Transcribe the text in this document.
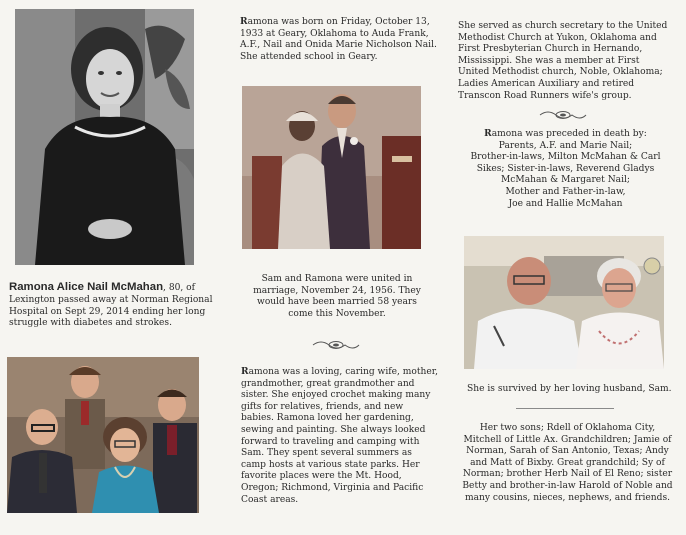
Ramona Alice Nail McMahan, 80, of Lexington passed away at Norman Regional Hospital on Sept 29, 2014 ending her long struggle with diabetes and strokes.

Ramona was born on Friday, October 13, 1933 at Geary, Oklahoma to Auda Frank, A.F., Nail and Onida Marie Nicholson Nail. She attended school in Geary.

Sam and Ramona were united in marriage, November 24, 1956. They would have been married 58 years come this November.

Ramona was a loving, caring wife, mother, grandmother, great grandmother and sister. She enjoyed crochet making many gifts for relatives, friends, and new babies. Ramona loved her gardening, sewing and painting. She always looked forward to traveling and camping with Sam. They spent several summers as camp hosts at various state parks. Her favorite places were the Mt. Hood, Oregon; Richmond, Virginia and Pacific Coast areas.

She served as church secretary to the United Methodist Church at Yukon, Oklahoma and First Presbyterian Church in Hernando, Mississippi. She was a member at First United Methodist church, Noble, Oklahoma; Ladies American Auxiliary and retired Transcon Road Runners wife's group.

Ramona was preceded in death by:
Parents, A.F. and Marie Nail;
Brother-in-laws, Milton McMahan & Carl
Sikes; Sister-in-laws, Reverend Gladys
McMahan & Margaret Nail;
Mother and Father-in-law,
Joe and Hallie McMahan

She is survived by her loving husband, Sam.

Her two sons; Rdell of Oklahoma City,
Mitchell of Little Ax. Grandchildren; Jamie of
Norman, Sarah of San Antonio, Texas; Andy
and Matt of Bixby. Great grandchild; Sy of
Norman; brother Herb Nail of El Reno; sister
Betty and brother-in-law Harold of Noble and
many cousins, nieces, nephews, and friends.
